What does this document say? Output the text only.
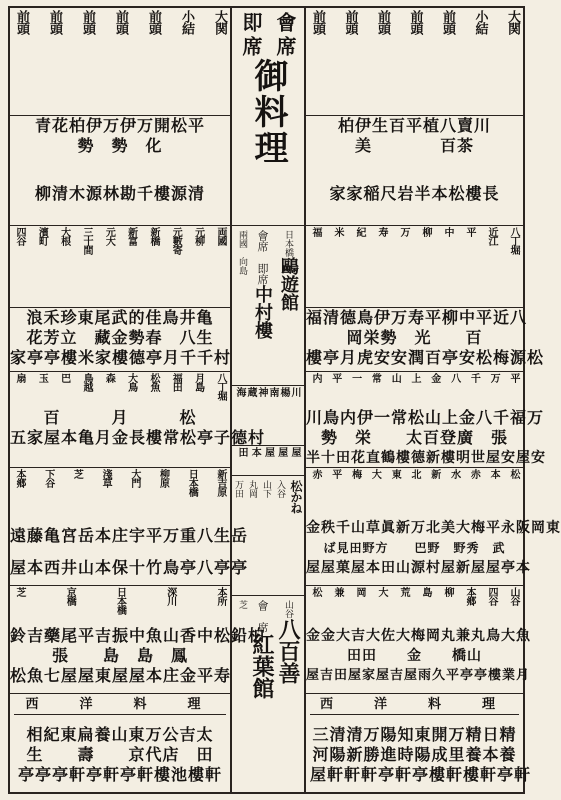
大関
小結
前頭
前頭
前頭
前頭
前頭
青花柏伊万伊万開松平
勢　勢　化
柳清木源林勘千樓源清
両國
元柳
元數寄
新橋
新富
元大
三十間
大根
濱町
四谷
浪禾珍東尾武的佳鳥井亀
花芳立　藏金勢春　八生
家亭亭樓米家樓德亭月千千村
八丁堀
月島
福田
松魚
大鳥
森
鳥越
巴
玉
扇
百　　　月　　　松
五家屋本亀月金長樓常松亭子德村
新吉原
日本橋
柳原
大門
淺草
芝
下谷
本郷
遠藤亀宮岳本庄宇平万重八生岳
屋本西井山本保十竹鳥亭八亭亭
本所
深川
日本橋
京橋
芝
鈴吉藥尾平吉振中魚山香中松鉛柏
張　　島　島　鳳
松魚七屋屋東屋屋本庄金平寿
西　洋　料　理
相紀東扁養山東万公吉太
生　　壽　　京代店　田
亭亭亭軒亭軒亭軒樓池樓軒
會
即
席
席
御料理
日本橋
鷗遊館
會席　即席
中村樓
兩國　向島
川
楊
南
神
蔵
海
屋
屋
屋
本
田
松かね
入谷
山下
丸岡
万田
山谷
八百善
會　席
紅葉館
芝
大関
小結
前頭
前頭
前頭
前頭
前頭
柏伊生百平植八賣川
美　　　　百茶
家家稲尺岩半本松樓長
八丁堀
近江
平
中
柳
万
寿
紀
米
福
福清德鳥伊万寿平柳中平近八
岡栄勢　光　　百
樓亭月虎安安潤百亭安松梅源松
平
万
千
八
金
上
山
常
一
平
内
川鳥内伊一常松山上金八千福万
勢　栄　　太百登廣　張
半十田花直鶴樓德新樓明世屋安屋安
松
本
赤
水
新
北
東
大
梅
平
赤
金秩千山草眞新万北美大梅平永阪岡東
ば見田野方　　巴野　野秀　武
屋屋菓屋本田山源村屋新屋屋亭本
山谷
四谷
本郷
柳
島
荒
大
岡
兼
松
金金大吉大佐大梅岡丸兼丸鳥大魚
田田　　金　　橋山
屋吉田屋家屋吉屋雨久平亭亭樓業月
西　洋　料　理
三清清万陽知東開万精日精
河陽新勝進時陽成里養本養
屋軒軒軒亭軒亭樓軒樓軒亭軒
